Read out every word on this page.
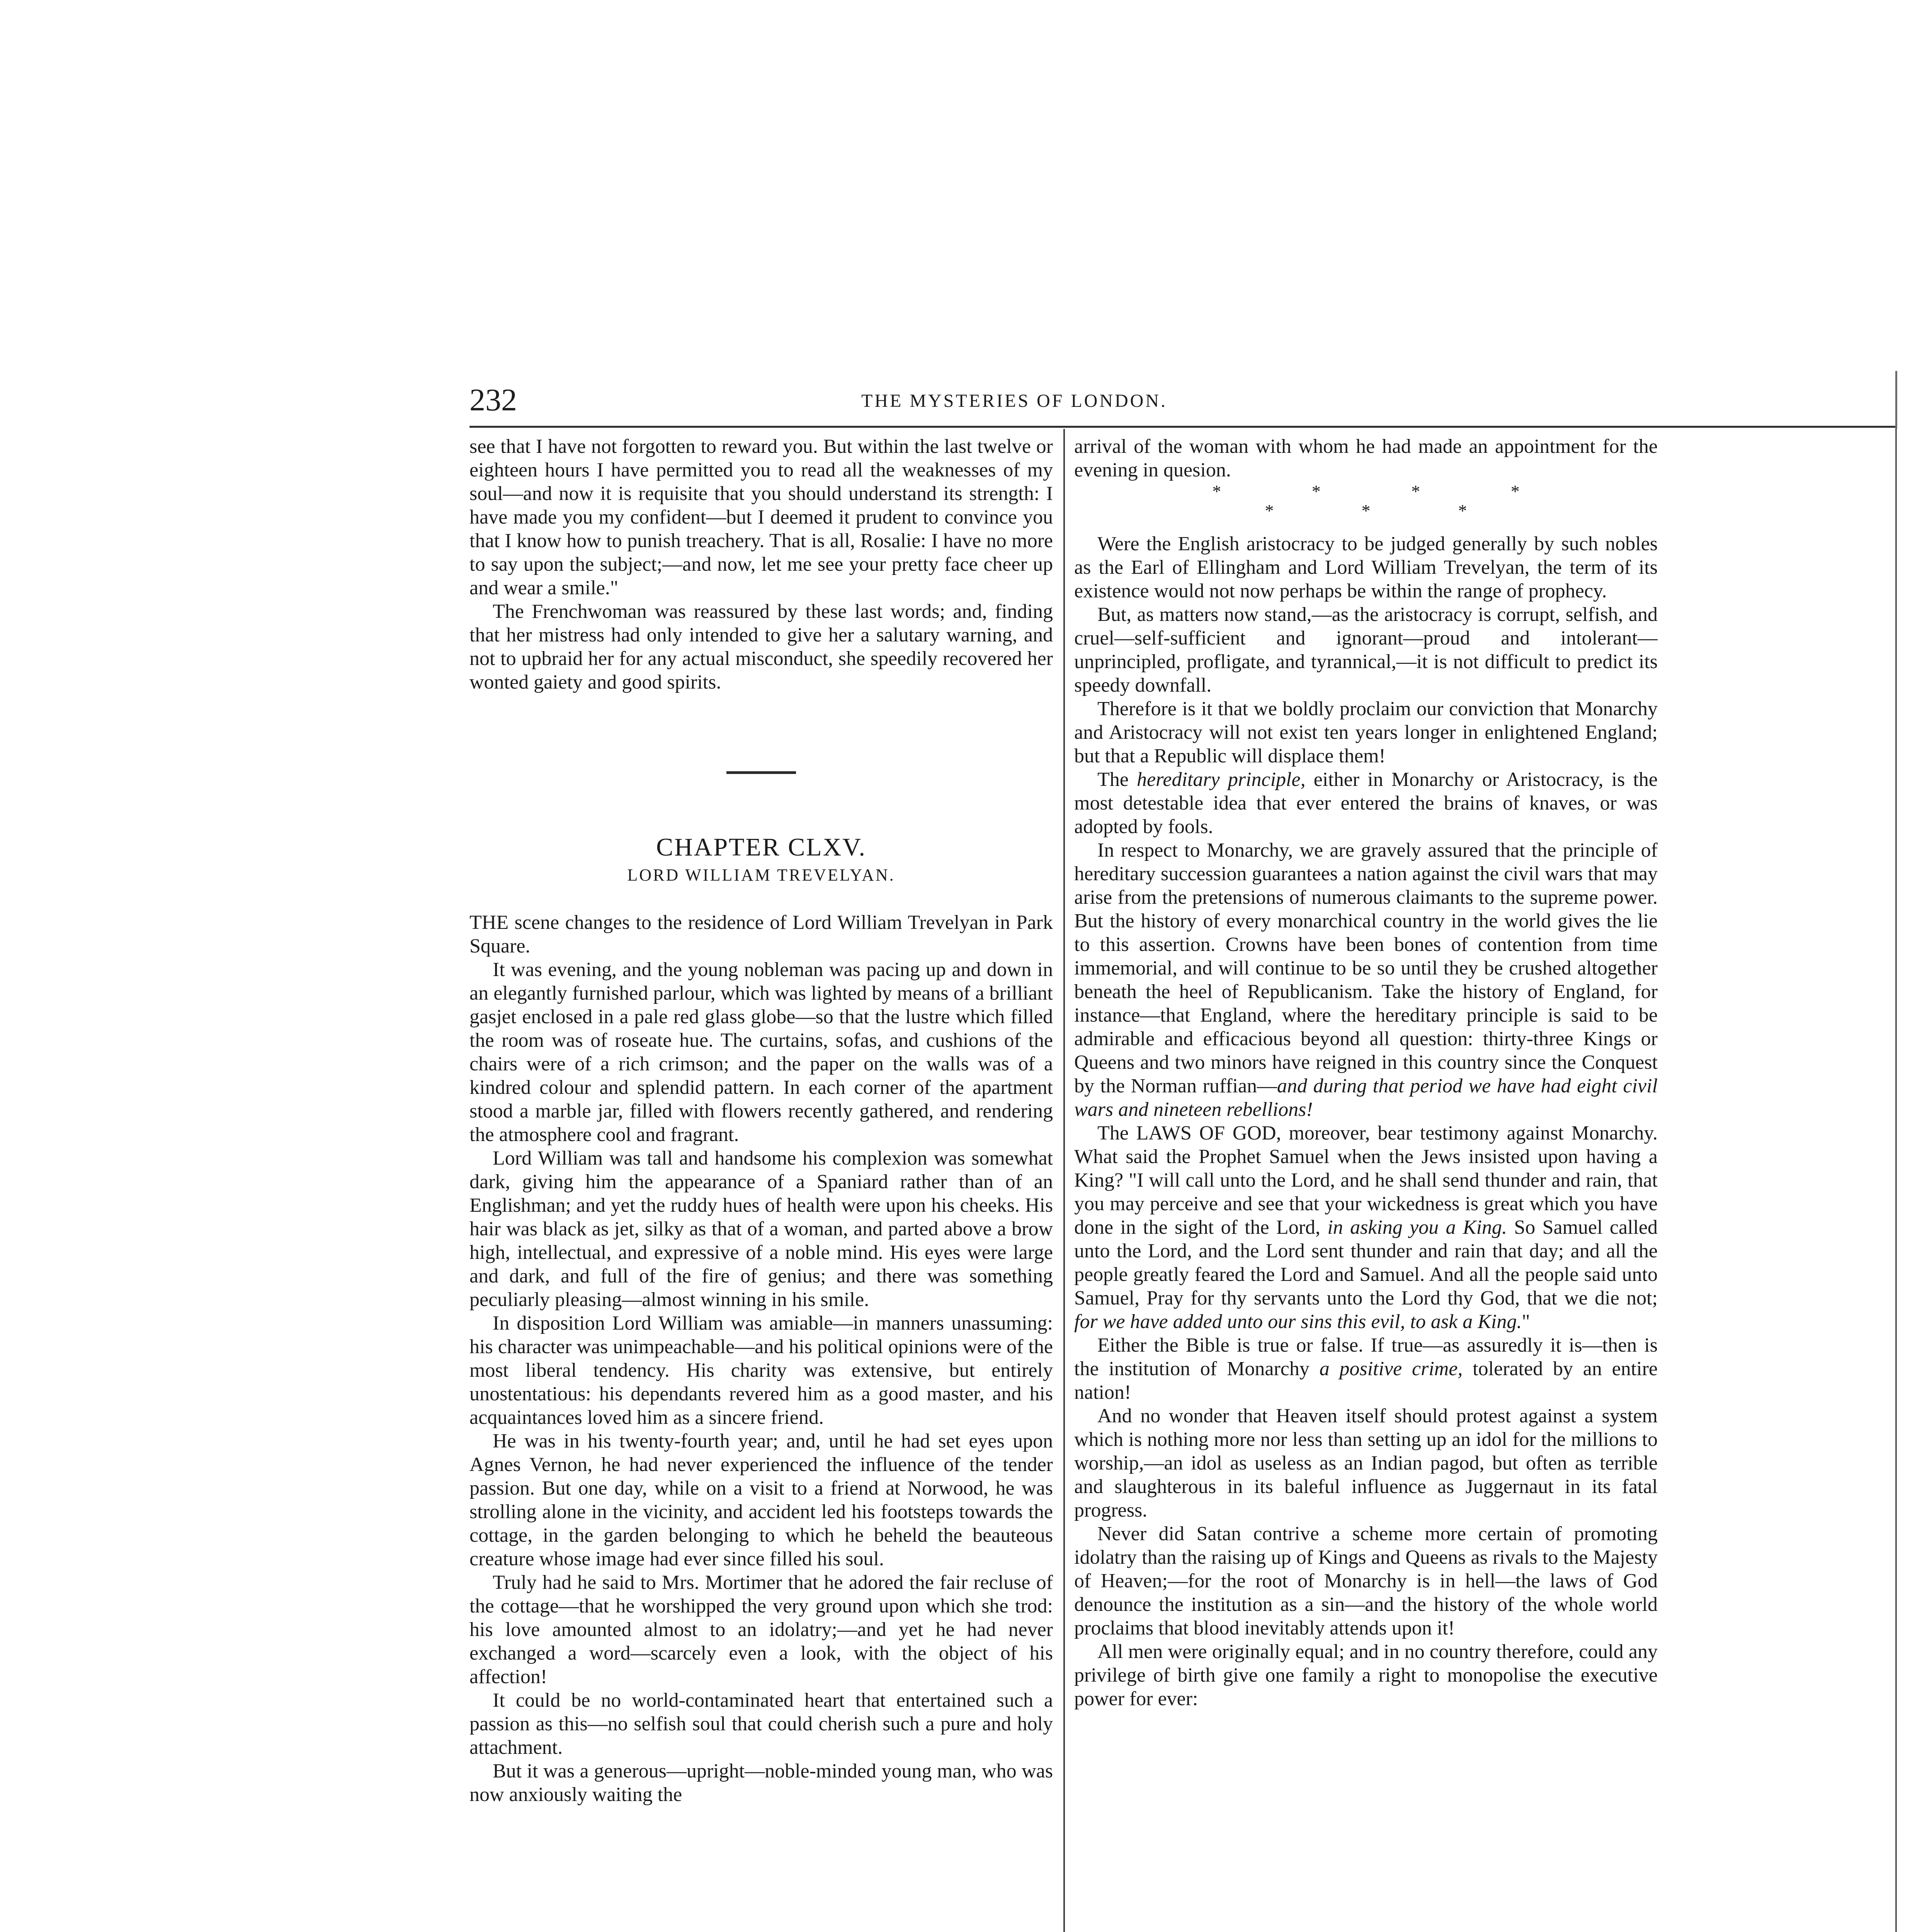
232	THE MYSTERIES OF LONDON.

see that I have not forgotten to reward you. But within the last twelve or eighteen hours I have permitted you to read all the weaknesses of my soul—and now it is requisite that you should understand its strength: I have made you my confident—but I deemed it prudent to convince you that I know how to punish treachery. That is all, Rosalie: I have no more to say upon the subject;—and now, let me see your pretty face cheer up and wear a smile."

The Frenchwoman was reassured by these last words; and, finding that her mistress had only intended to give her a salutary warning, and not to upbraid her for any actual misconduct, she speedily recovered her wonted gaiety and good spirits.

CHAPTER CLXV.

LORD WILLIAM TREVELYAN.

THE scene changes to the residence of Lord William Trevelyan in Park Square.

It was evening, and the young nobleman was pacing up and down in an elegantly furnished parlour, which was lighted by means of a brilliant gasjet enclosed in a pale red glass globe—so that the lustre which filled the room was of roseate hue. The curtains, sofas, and cushions of the chairs were of a rich crimson; and the paper on the walls was of a kindred colour and splendid pattern. In each corner of the apartment stood a marble jar, filled with flowers recently gathered, and rendering the atmosphere cool and fragrant.

Lord William was tall and handsome his complexion was somewhat dark, giving him the appearance of a Spaniard rather than of an Englishman; and yet the ruddy hues of health were upon his cheeks. His hair was black as jet, silky as that of a woman, and parted above a brow high, intellectual, and expressive of a noble mind. His eyes were large and dark, and full of the fire of genius; and there was something peculiarly pleasing—almost winning in his smile.

In disposition Lord William was amiable—in manners unassuming: his character was unimpeachable—and his political opinions were of the most liberal tendency. His charity was extensive, but entirely unostentatious: his dependants revered him as a good master, and his acquaintances loved him as a sincere friend.

He was in his twenty-fourth year; and, until he had set eyes upon Agnes Vernon, he had never experienced the influence of the tender passion. But one day, while on a visit to a friend at Norwood, he was strolling alone in the vicinity, and accident led his footsteps towards the cottage, in the garden belonging to which he beheld the beauteous creature whose image had ever since filled his soul.

Truly had he said to Mrs. Mortimer that he adored the fair recluse of the cottage—that he worshipped the very ground upon which she trod: his love amounted almost to an idolatry;—and yet he had never exchanged a word—scarcely even a look, with the object of his affection!

It could be no world-contaminated heart that entertained such a passion as this—no selfish soul that could cherish such a pure and holy attachment.

But it was a generous—upright—noble-minded young man, who was now anxiously waiting the

arrival of the woman with whom he had made an appointment for the evening in quesion.

*	*	*	*
*	*	*

Were the English aristocracy to be judged generally by such nobles as the Earl of Ellingham and Lord William Trevelyan, the term of its existence would not now perhaps be within the range of prophecy.

But, as matters now stand,—as the aristocracy is corrupt, selfish, and cruel—self-sufficient and ignorant—proud and intolerant—unprincipled, profligate, and tyrannical,—it is not difficult to predict its speedy downfall.

Therefore is it that we boldly proclaim our conviction that Monarchy and Aristocracy will not exist ten years longer in enlightened England; but that a Republic will displace them!

The hereditary principle, either in Monarchy or Aristocracy, is the most detestable idea that ever entered the brains of knaves, or was adopted by fools.

In respect to Monarchy, we are gravely assured that the principle of hereditary succession guarantees a nation against the civil wars that may arise from the pretensions of numerous claimants to the supreme power. But the history of every monarchical country in the world gives the lie to this assertion. Crowns have been bones of contention from time immemorial, and will continue to be so until they be crushed altogether beneath the heel of Republicanism. Take the history of England, for instance—that England, where the hereditary principle is said to be admirable and efficacious beyond all question: thirty-three Kings or Queens and two minors have reigned in this country since the Conquest by the Norman ruffian—and during that period we have had eight civil wars and nineteen rebellions!

The LAWS OF GOD, moreover, bear testimony against Monarchy. What said the Prophet Samuel when the Jews insisted upon having a King? "I will call unto the Lord, and he shall send thunder and rain, that you may perceive and see that your wickedness is great which you have done in the sight of the Lord, in asking you a King. So Samuel called unto the Lord, and the Lord sent thunder and rain that day; and all the people greatly feared the Lord and Samuel. And all the people said unto Samuel, Pray for thy servants unto the Lord thy God, that we die not; for we have added unto our sins this evil, to ask a King."

Either the Bible is true or false. If true—as assuredly it is—then is the institution of Monarchy a positive crime, tolerated by an entire nation!

And no wonder that Heaven itself should protest against a system which is nothing more nor less than setting up an idol for the millions to worship,—an idol as useless as an Indian pagod, but often as terrible and slaughterous in its baleful influence as Juggernaut in its fatal progress.

Never did Satan contrive a scheme more certain of promoting idolatry than the raising up of Kings and Queens as rivals to the Majesty of Heaven;—for the root of Monarchy is in hell—the laws of God denounce the institution as a sin—and the history of the whole world proclaims that blood inevitably attends upon it!

All men were originally equal; and in no country therefore, could any privilege of birth give one family a right to monopolise the executive power for ever:
